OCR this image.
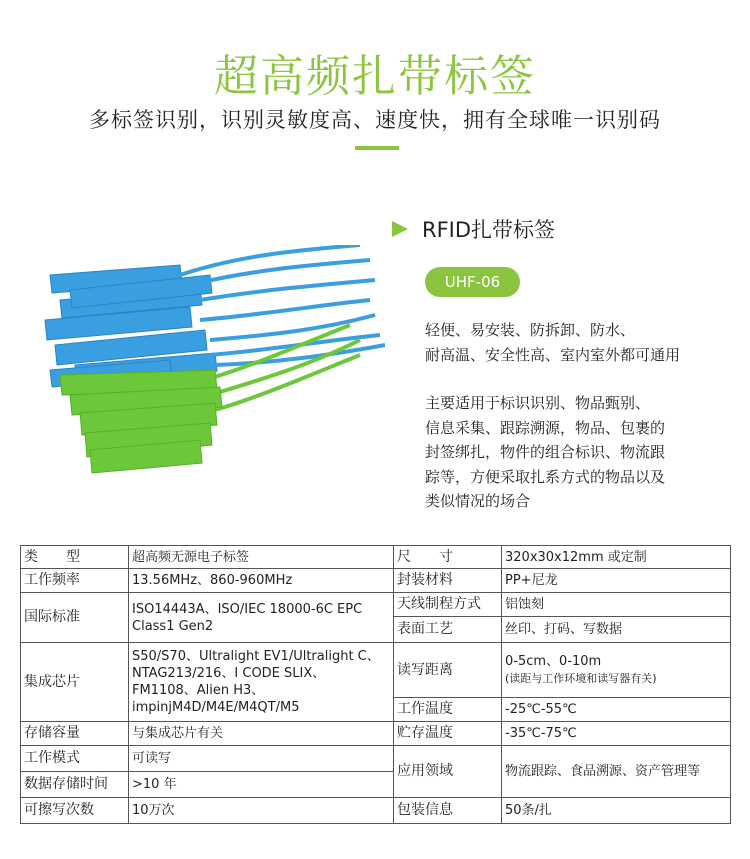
超高频扎带标签
多标签识别，识别灵敏度高、速度快，拥有全球唯一识别码
RFID扎带标签
UHF-06

轻便、易安装、防拆卸、防水、

耐高温、安全性高、室内室外都可通用

主要适用于标识识别、物品甄别、

信息采集、跟踪溯源，物品、包裹的

封签绑扎，物件的组合标识、物流跟

踪等，方便采取扎系方式的物品以及

类似情况的场合

类　　型	超高频无源电子标签	尺　　寸	320x30x12mm 或定制
工作频率	13.56MHz、860-960MHz	封装材料	PP+尼龙
国际标准	ISO14443A、ISO/IEC 18000-6C EPC Class1 Gen2	天线制程方式	铝蚀刻
		表面工艺	丝印、打码、写数据
集成芯片	S50/S70、Ultralight EV1/Ultralight C、NTAG213/216、I CODE SLIX、FM1108、Alien H3、impinjM4D/M4E/M4QT/M5	读写距离	0-5cm、0-10m
(读距与工作环境和读写器有关)

		工作温度	-25℃-55℃
存储容量	与集成芯片有关	贮存温度	-35℃-75℃
工作模式	可读写	应用领域	物流跟踪、食品溯源、资产管理等
数据存储时间	>10 年		
可擦写次数	10万次	包装信息	50条/扎
